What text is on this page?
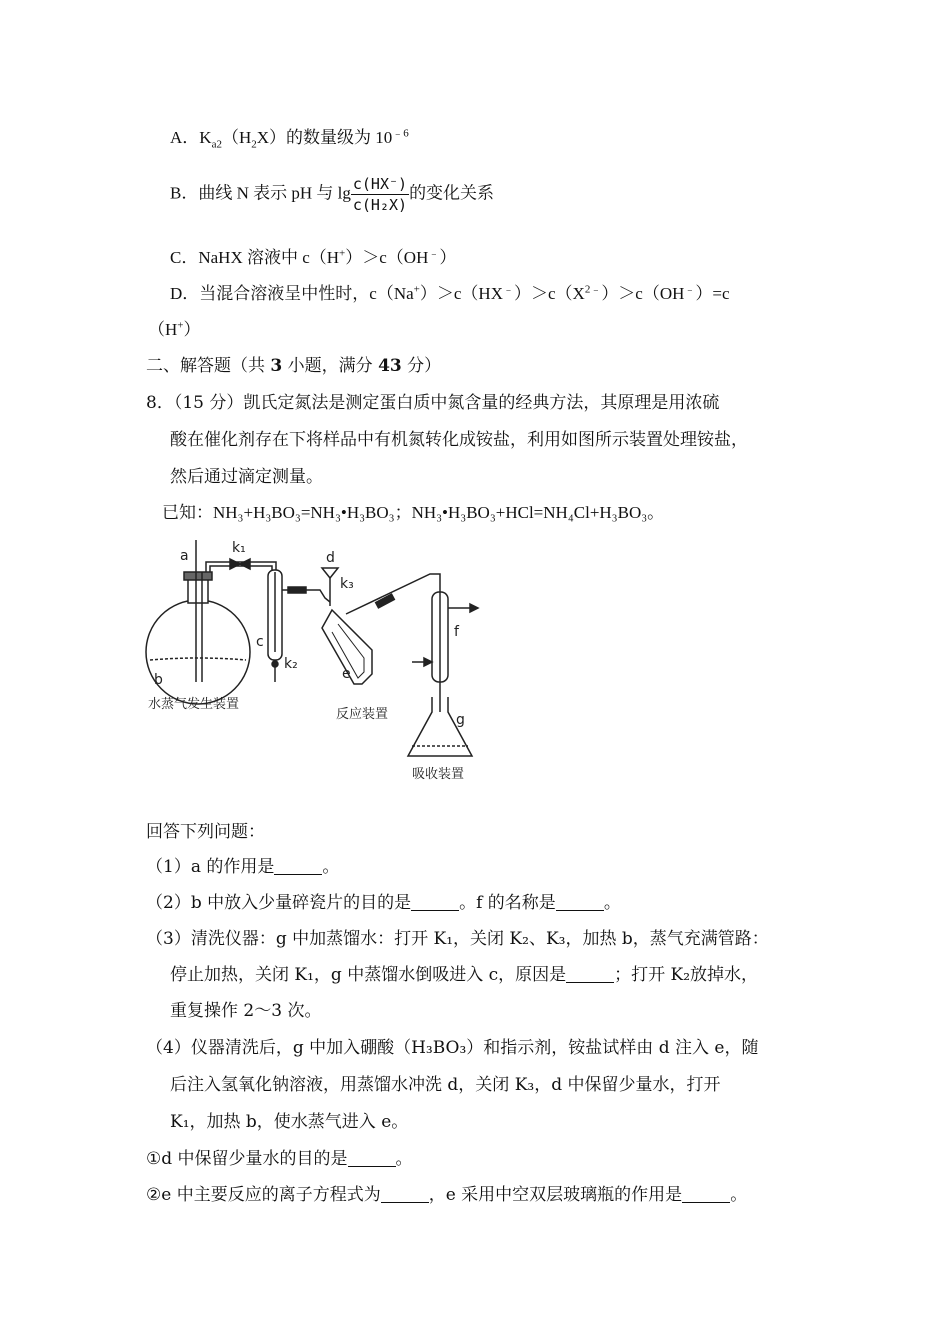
A．$K_{a2}(H_2X)$的数量级为 $10^{﹣6}$
B．曲线 N 表示 pH 与 $\lg \frac{c(HX^-)}{\text{c(H₂X)}}$ 的变化关系
C．NaHX 溶液中 c（H+）＞c（OH﹣）
D．当混合溶液呈中性时，$c(Na^+)>c(HX^﹣)>c(X^{2﹣})>c(OH^﹣)=c$
（H+）
二、解答题（共 3 小题，满分 43 分）
8．（15 分）凯氏定氮法是测定蛋白质中氮含量的经典方法，其原理是用浓硫
酸在催化剂存在下将样品中有机氮转化成铵盐，利用如图所示装置处理铵盐，
然后通过滴定测量。
已知：NH₃+H₃BO₃=NH₃•H₃BO₃；NH₃•H₃BO₃+HCl=NH₄Cl+H₃BO₃。
a	k₁
b
c
k₂
d
k₃
e
f
g
水蒸气发生装置
反应装置
吸收装置
回答下列问题：
（1）a 的作用是	。
（2）b 中放入少量碎瓷片的目的是	。f 的名称是	。
（3）清洗仪器：g 中加蒸馏水：打开 K₁，关闭 K₂、K₃，加热 b，蒸气充满管路：
停止加热，关闭 K₁，g 中蒸馏水倒吸进入 c，原因是	；打开 K₂放掉水，
重复操作 2～3 次。
（4）仪器清洗后，g 中加入硼酸（H₃BO₃）和指示剂，铵盐试样由 d 注入 e，随
后注入氢氧化钠溶液，用蒸馏水冲洗 d，关闭 K₃，d 中保留少量水，打开
K₁，加热 b，使水蒸气进入 e。
①d 中保留少量水的目的是	。
②e 中主要反应的离子方程式为	，e 采用中空双层玻璃瓶的作用是	。
